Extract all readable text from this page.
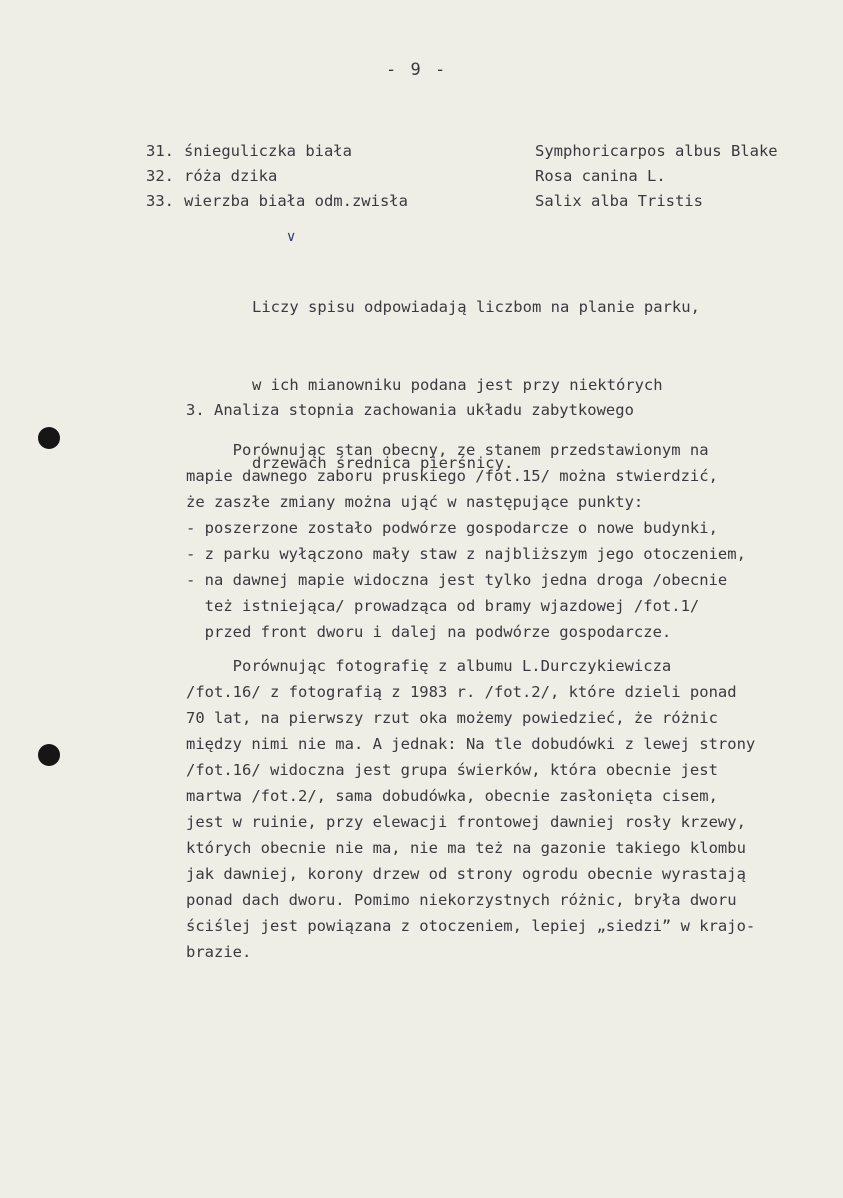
- 9 -
31. śnieguliczka biała	Symphoricarpos albus Blake
32. róża dzika	Rosa canina L.
33. wierzba biała odm.zwisła	Salix alba Tristis
∨

Liczy spisu odpowiadają liczbom na planie parku,

w ich mianowniku podana jest przy niektórych

drzewach średnica pierśnicy.

3. Analiza stopnia zachowania układu zabytkowego
Porównując stan obecny, ze stanem przedstawionym na
mapie dawnego zaboru pruskiego /fot.15/ można stwierdzić,
że zaszłe zmiany można ująć w następujące punkty:
- poszerzone zostało podwórze gospodarcze o nowe budynki,
- z parku wyłączono mały staw z najbliższym jego otoczeniem,
- na dawnej mapie widoczna jest tylko jedna droga /obecnie
też istniejąca/ prowadząca od bramy wjazdowej /fot.1/
przed front dworu i dalej na podwórze gospodarcze.
Porównując fotografię z albumu L.Durczykiewicza
/fot.16/ z fotografią z 1983 r. /fot.2/, które dzieli ponad
70 lat, na pierwszy rzut oka możemy powiedzieć, że różnic
między nimi nie ma. A jednak: Na tle dobudówki z lewej strony
/fot.16/ widoczna jest grupa świerków, która obecnie jest
martwa /fot.2/, sama dobudówka, obecnie zasłonięta cisem,
jest w ruinie, przy elewacji frontowej dawniej rosły krzewy,
których obecnie nie ma, nie ma też na gazonie takiego klombu
jak dawniej, korony drzew od strony ogrodu obecnie wyrastają
ponad dach dworu. Pomimo niekorzystnych różnic, bryła dworu
ściślej jest powiązana z otoczeniem, lepiej „siedzi” w krajo-
brazie.
